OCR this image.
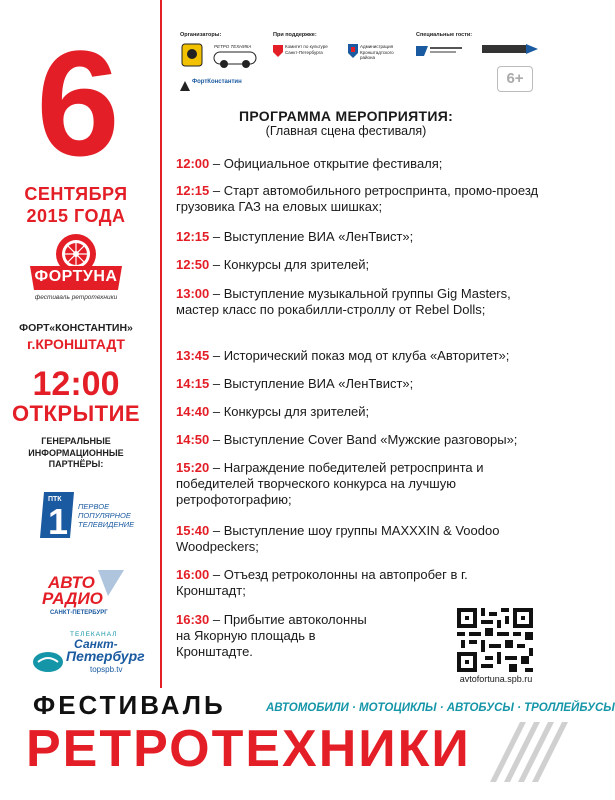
6
СЕНТЯБРЯ
2015 ГОДА
ФОРТУНА
фестиваль ретротехники
ФОРТ«КОНСТАНТИН»
г.КРОНШТАДТ
12:00
ОТКРЫТИЕ
ГЕНЕРАЛЬНЫЕ ИНФОРМАЦИОННЫЕ ПАРТНЁРЫ:
ПТК
1 ПЕРВОЕ ПОПУЛЯРНОЕ ТЕЛЕВИДЕНИЕ
АВТО
РАДИО
САНКТ-ПЕТЕРБУРГ
ТЕЛЕКАНАЛ
Санкт-
Петербург
topspb.tv
Организаторы:	При поддержке:	Специальные гости:
РЕТРО ТЕХНИКА	Комитет по культуре Санкт-Петербурга
Администрация Кронштадтского района
ФортКонстантин	6+
ПРОГРАММА МЕРОПРИЯТИЯ:
(Главная сцена фестиваля)
12:00 – Официальное открытие фестиваля;
12:15 – Старт автомобильного ретроспринта, промо-проезд грузовика ГАЗ на еловых шишках;
12:15 – Выступление ВИА «ЛенТвист»;
12:50 – Конкурсы для зрителей;
13:00 – Выступление музыкальной группы Gig Masters, мастер класс по рокабилли-строллу от Rebel Dolls;
13:45 – Исторический показ мод от клуба «Авторитет»;
14:15 – Выступление ВИА «ЛенТвист»;
14:40 – Конкурсы для зрителей;
14:50 – Выступление Cover Band «Мужские разговоры»;
15:20 – Награждение победителей ретроспринта и победителей творческого конкурса на лучшую ретрофотографию;
15:40 – Выступление шоу группы MAXXXIN & Voodoo Woodpeckers;
16:00 – Отъезд ретроколонны на автопробег в г. Кронштадт;
16:30 – Прибытие автоколонны на Якорную площадь в Кронштадте.
avtofortuna.spb.ru
ФЕСТИВАЛЬ	АВТОМОБИЛИ · МОТОЦИКЛЫ · АВТОБУСЫ · ТРОЛЛЕЙБУСЫ
РЕТРОТЕХНИКИ
